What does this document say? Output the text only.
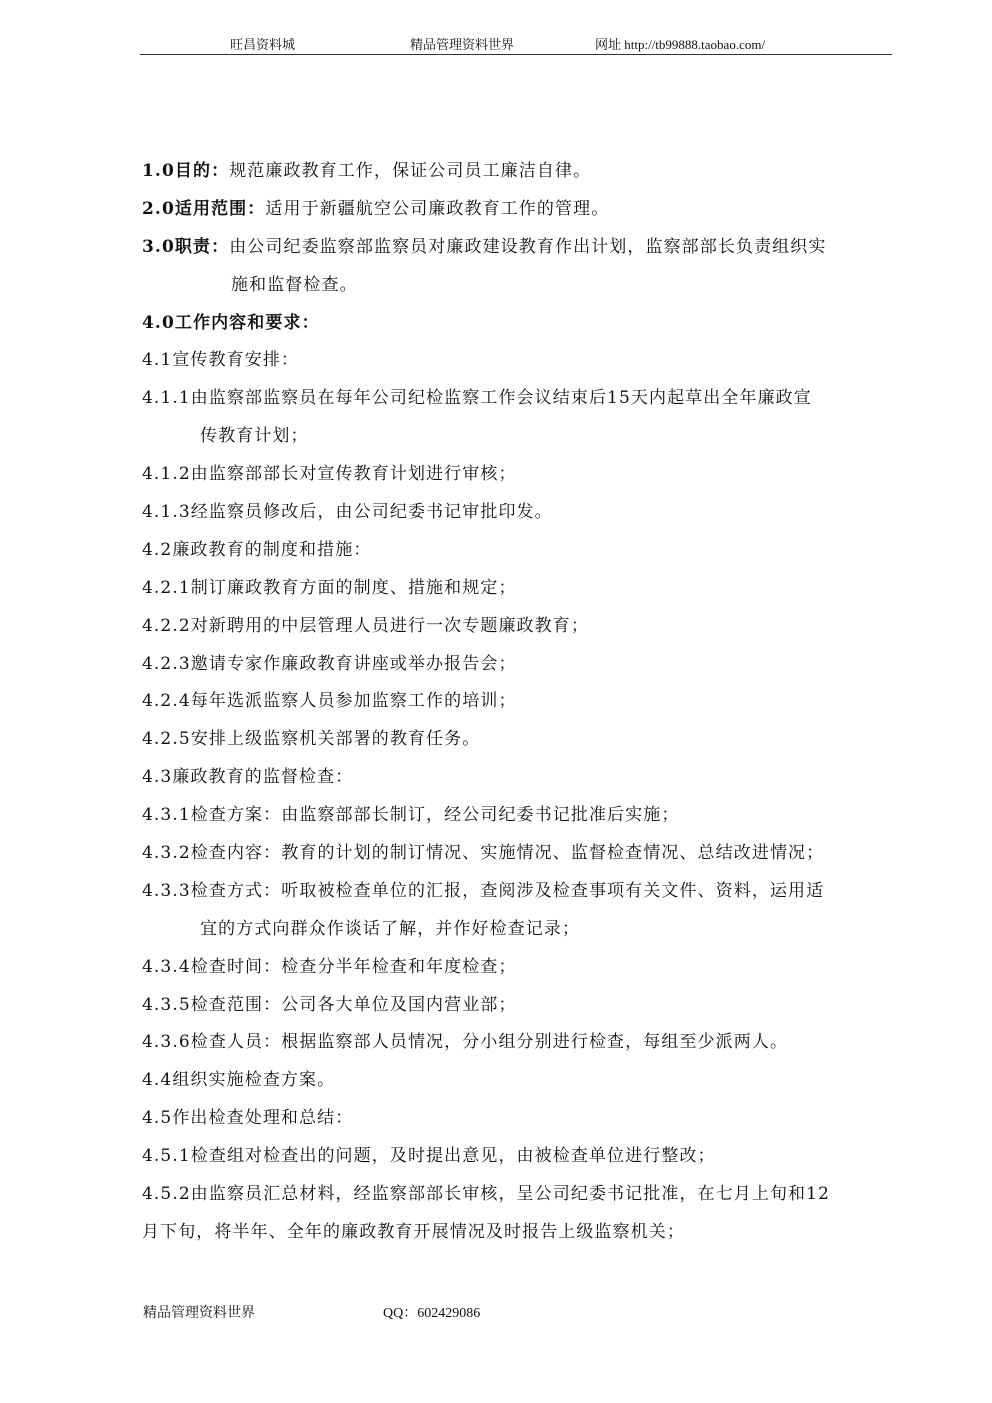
旺昌资料城	精品管理资料世界	网址 http://tb99888.taobao.com/
1.0目的：规范廉政教育工作，保证公司员工廉洁自律。
2.0适用范围：适用于新疆航空公司廉政教育工作的管理。
3.0职责：由公司纪委监察部监察员对廉政建设教育作出计划，监察部部长负责组织实
施和监督检查。
4.0工作内容和要求：
4.1宣传教育安排：
4.1.1由监察部监察员在每年公司纪检监察工作会议结束后15天内起草出全年廉政宣
传教育计划；
4.1.2由监察部部长对宣传教育计划进行审核；
4.1.3经监察员修改后，由公司纪委书记审批印发。
4.2廉政教育的制度和措施：
4.2.1制订廉政教育方面的制度、措施和规定；
4.2.2对新聘用的中层管理人员进行一次专题廉政教育；
4.2.3邀请专家作廉政教育讲座或举办报告会；
4.2.4每年选派监察人员参加监察工作的培训；
4.2.5安排上级监察机关部署的教育任务。
4.3廉政教育的监督检查：
4.3.1检查方案：由监察部部长制订，经公司纪委书记批准后实施；
4.3.2检查内容：教育的计划的制订情况、实施情况、监督检查情况、总结改进情况；
4.3.3检查方式：听取被检查单位的汇报，查阅涉及检查事项有关文件、资料，运用适
宜的方式向群众作谈话了解，并作好检查记录；
4.3.4检查时间：检查分半年检查和年度检查；
4.3.5检查范围：公司各大单位及国内营业部；
4.3.6检查人员：根据监察部人员情况，分小组分别进行检查，每组至少派两人。
4.4组织实施检查方案。
4.5作出检查处理和总结：
4.5.1检查组对检查出的问题，及时提出意见，由被检查单位进行整改；
4.5.2由监察员汇总材料，经监察部部长审核，呈公司纪委书记批准，在七月上旬和12
月下旬，将半年、全年的廉政教育开展情况及时报告上级监察机关；
精品管理资料世界	QQ：602429086
